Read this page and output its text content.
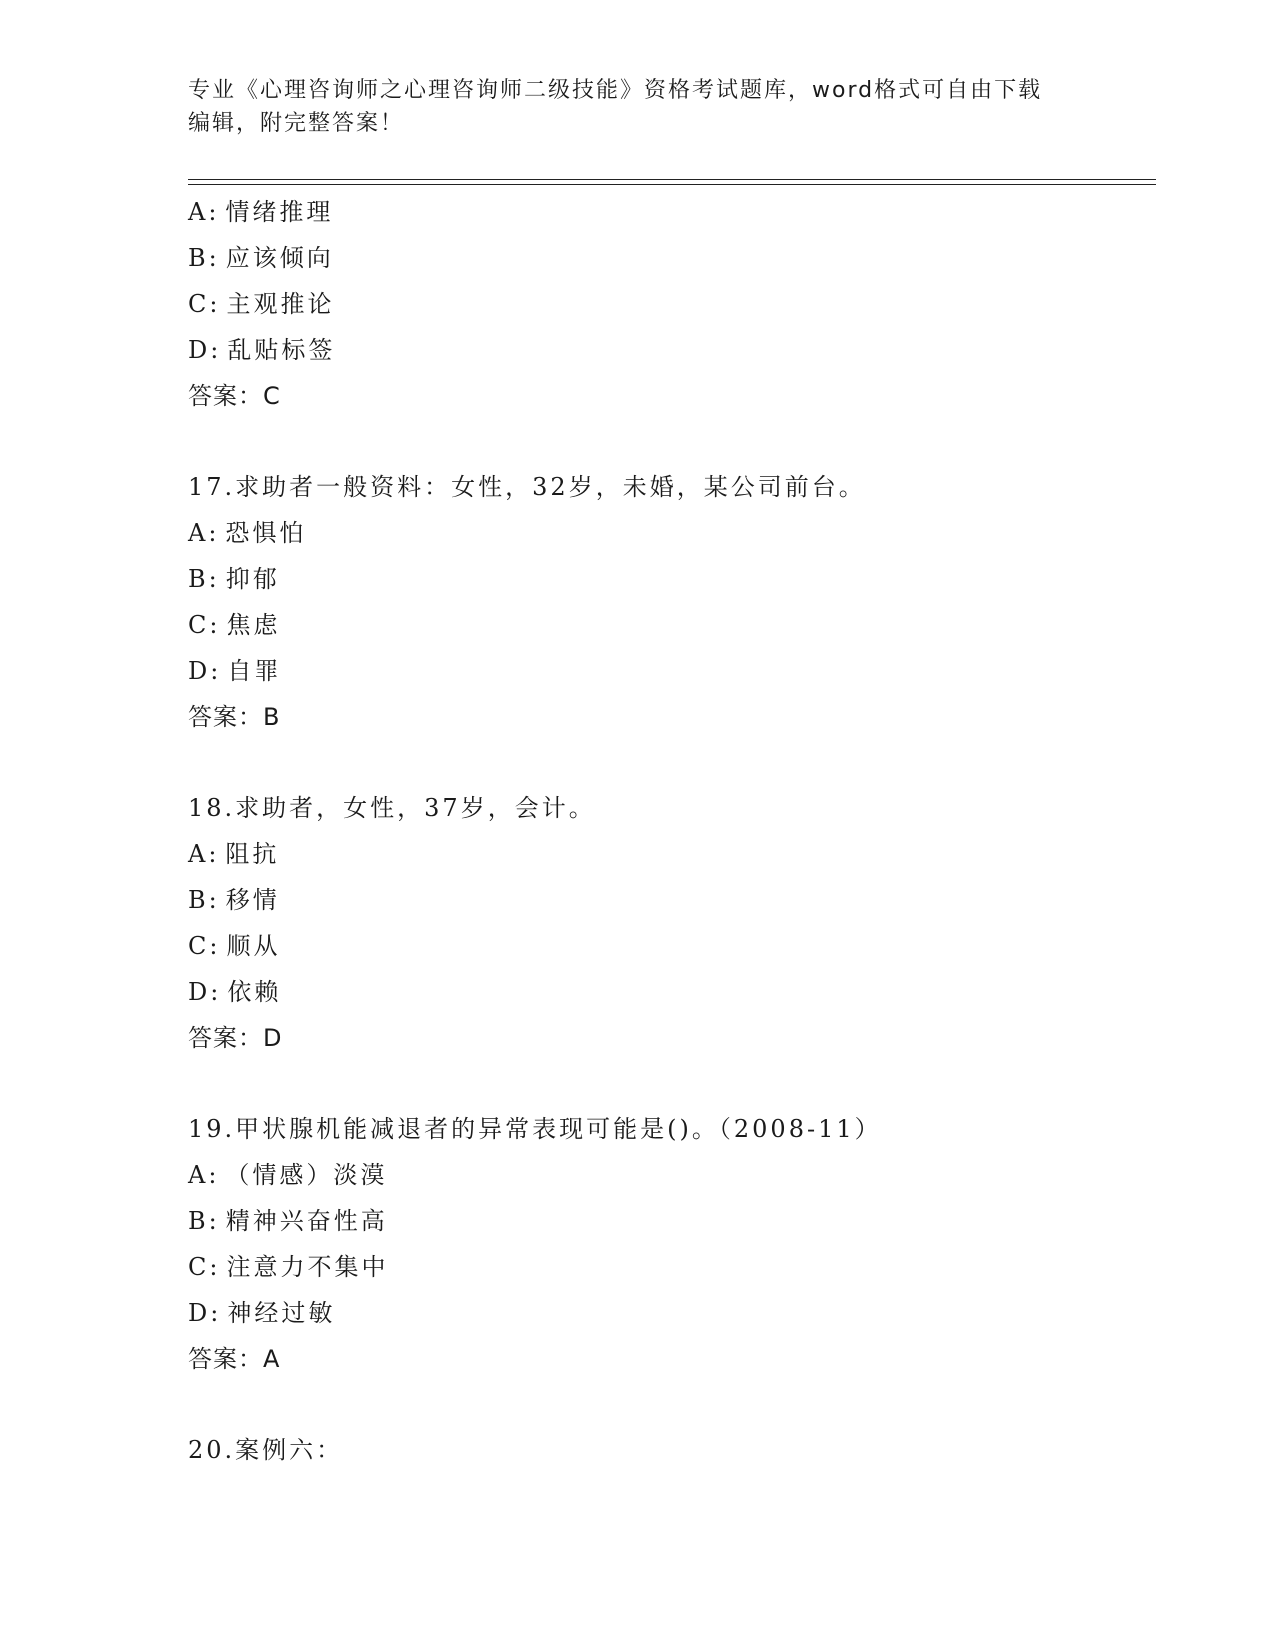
专业《心理咨询师之心理咨询师二级技能》资格考试题库，word格式可自由下载
编辑，附完整答案！
A: 情绪推理
B: 应该倾向
C: 主观推论
D: 乱贴标签
答案：C
17.求助者一般资料：女性，32岁，未婚，某公司前台。
A: 恐惧怕
B: 抑郁
C: 焦虑
D: 自罪
答案：B
18.求助者，女性，37岁，会计。
A: 阻抗
B: 移情
C: 顺从
D: 依赖
答案：D
19.甲状腺机能减退者的异常表现可能是()。（2008-11）
A: （情感）淡漠
B: 精神兴奋性高
C: 注意力不集中
D: 神经过敏
答案：A
20.案例六：
